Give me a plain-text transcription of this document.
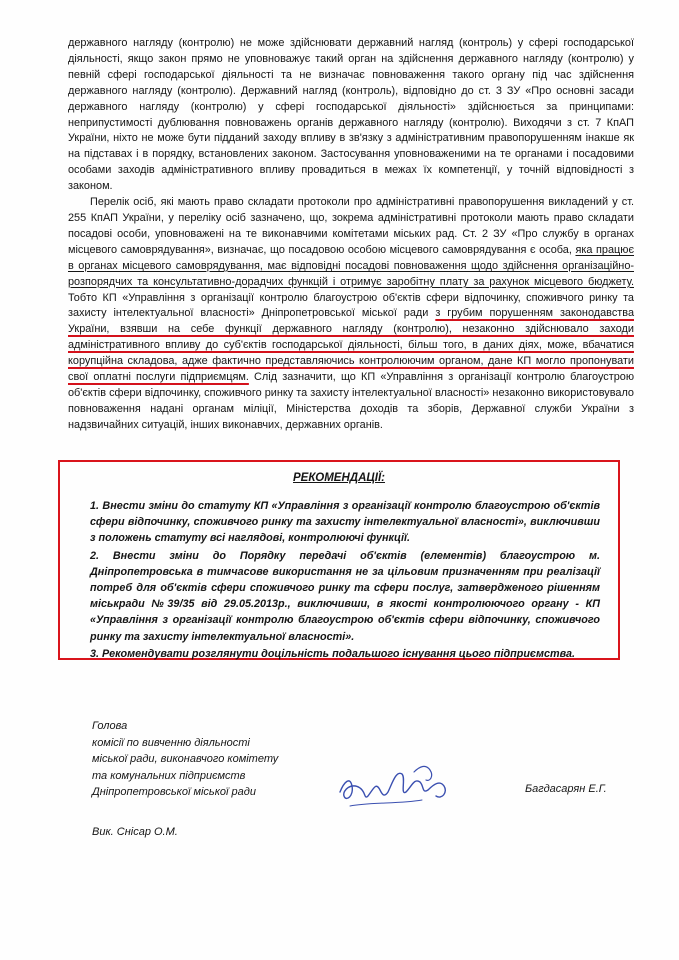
державного нагляду (контролю) не може здійснювати державний нагляд (контроль) у сфері господарської діяльності, якщо закон прямо не уповноважує такий орган на здійснення державного нагляду (контролю) у певній сфері господарської діяльності та не визначає повноваження такого органу під час здійснення державного нагляду (контролю). Державний нагляд (контроль), відповідно до ст. 3 ЗУ «Про основні засади державного нагляду (контролю) у сфері господарської діяльності» здійснюється за принципами: неприпустимості дублювання повноважень органів державного нагляду (контролю). Виходячи з ст. 7 КпАП України, ніхто не може бути підданий заходу впливу в зв'язку з адміністративним правопорушенням інакше як на підставах і в порядку, встановлених законом. Застосування уповноваженими на те органами і посадовими особами заходів адміністративного впливу провадиться в межах їх компетенції, у точній відповідності з законом.

Перелік осіб, які мають право складати протоколи про адміністративні правопорушення викладений у ст. 255 КпАП України, у переліку осіб зазначено, що, зокрема адміністративні протоколи мають право складати посадові особи, уповноважені на те виконавчими комітетами міських рад. Ст. 2 ЗУ «Про службу в органах місцевого самоврядування», визначає, що посадовою особою місцевого самоврядування є особа, яка працює в органах місцевого самоврядування, має відповідні посадові повноваження щодо здійснення організаційно-розпорядчих та консультативно-дорадчих функцій і отримує заробітну плату за рахунок місцевого бюджету. Тобто КП «Управління з організації контролю благоустрою об'єктів сфери відпочинку, споживчого ринку та захисту інтелектуальної власності» Дніпропетровської міської ради з грубим порушенням законодавства України, взявши на себе функції державного нагляду (контролю), незаконно здійснювало заходи адміністративного впливу до суб'єктів господарської діяльності, більш того, в даних діях, може, вбачатися корупційна складова, адже фактично представляючись контролюючим органом, дане КП могло пропонувати свої оплатні послуги підприємцям. Слід зазначити, що КП «Управління з організації контролю благоустрою об'єктів сфери відпочинку, споживчого ринку та захисту інтелектуальної власності» незаконно використовувало повноваження надані органам міліції, Міністерства доходів та зборів, Державної служби України з надзвичайних ситуацій, інших виконавчих, державних органів.

РЕКОМЕНДАЦІЇ:

1. Внести зміни до статуту КП «Управління з організації контролю благоустрою об'єктів сфери відпочинку, споживчого ринку та захисту інтелектуальної власності», виключивши з положень статуту всі наглядові, контролюючі функції.

2. Внести зміни до Порядку передачі об'єктів (елементів) благоустрою м. Дніпропетровська в тимчасове використання не за цільовим призначенням при реалізації потреб для об'єктів сфери споживчого ринку та сфери послуг, затвердженого рішенням міськради №39/35 від 29.05.2013р., виключивши, в якості контролюючого органу - КП «Управління з організації контролю благоустрою об'єктів сфери відпочинку, споживчого ринку та захисту інтелектуальної власності».

3. Рекомендувати розглянути доцільність подальшого існування цього підприємства.

Голова
комісії по вивченню діяльності
міської ради, виконавчого комітету
та комунальних підприємств
Дніпропетровської міської ради	Багдасарян Е.Г.
Вик. Снісар О.М.
